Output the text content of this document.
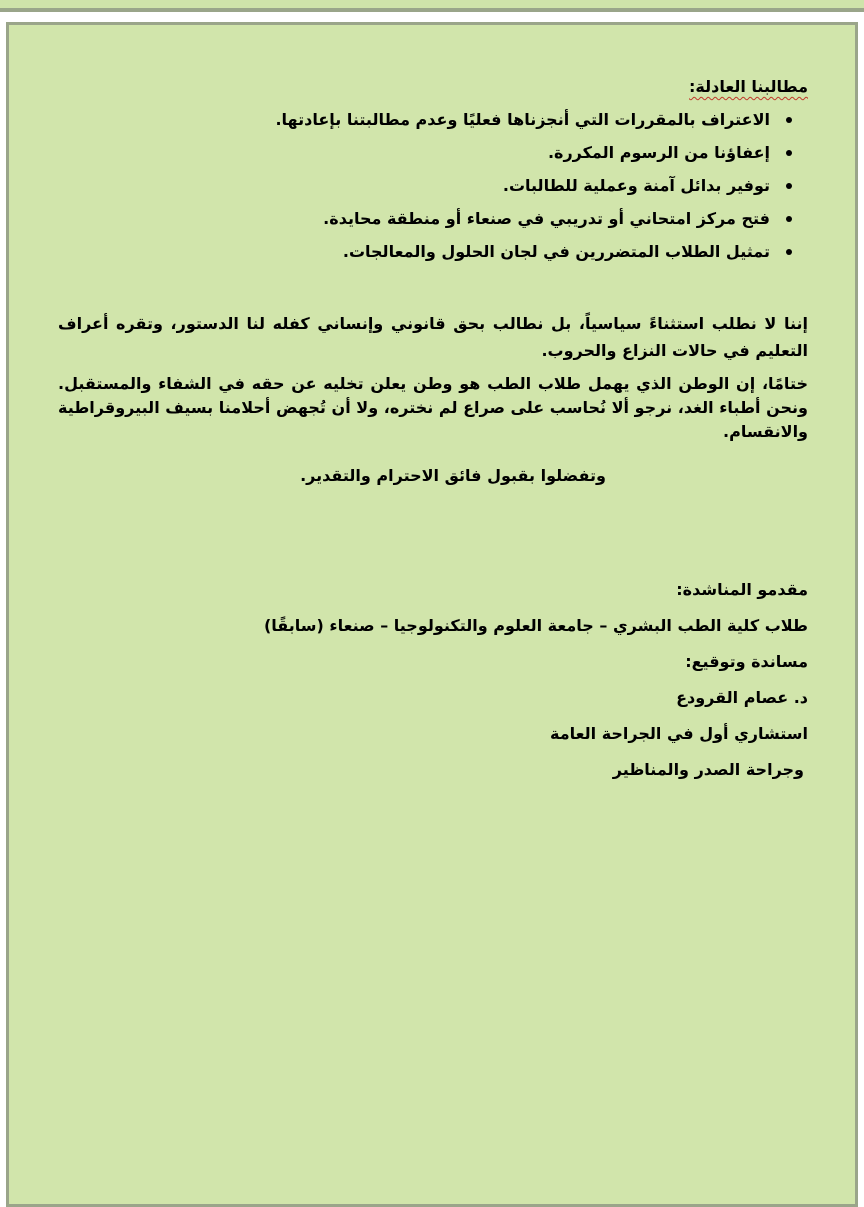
مطالبنا العادلة:
الاعتراف بالمقررات التي أنجزناها فعليًا وعدم مطالبتنا بإعادتها.
إعفاؤنا من الرسوم المكررة.
توفير بدائل آمنة وعملية للطالبات.
فتح مركز امتحاني أو تدريبي في صنعاء أو منطقة محايدة.
تمثيل الطلاب المتضررين في لجان الحلول والمعالجات.

إننا لا نطلب استثناءً سياسياً، بل نطالب بحق قانوني وإنساني كفله لنا الدستور، وتقره أعراف التعليم في حالات النزاع والحروب.

ختامًا، إن الوطن الذي يهمل طلاب الطب هو وطن يعلن تخليه عن حقه في الشفاء والمستقبل. ونحن أطباء الغد، نرجو ألا نُحاسب على صراع لم نختره، ولا أن تُجهض أحلامنا بسيف البيروقراطية والانقسام.

وتفضلوا بقبول فائق الاحترام والتقدير.

مقدمو المناشدة:

طلاب كلية الطب البشري – جامعة العلوم والتكنولوجيا – صنعاء (سابقًا)

مساندة وتوقيع:

د. عصام القرودع

استشاري أول في الجراحة العامة

وجراحة الصدر والمناظير
